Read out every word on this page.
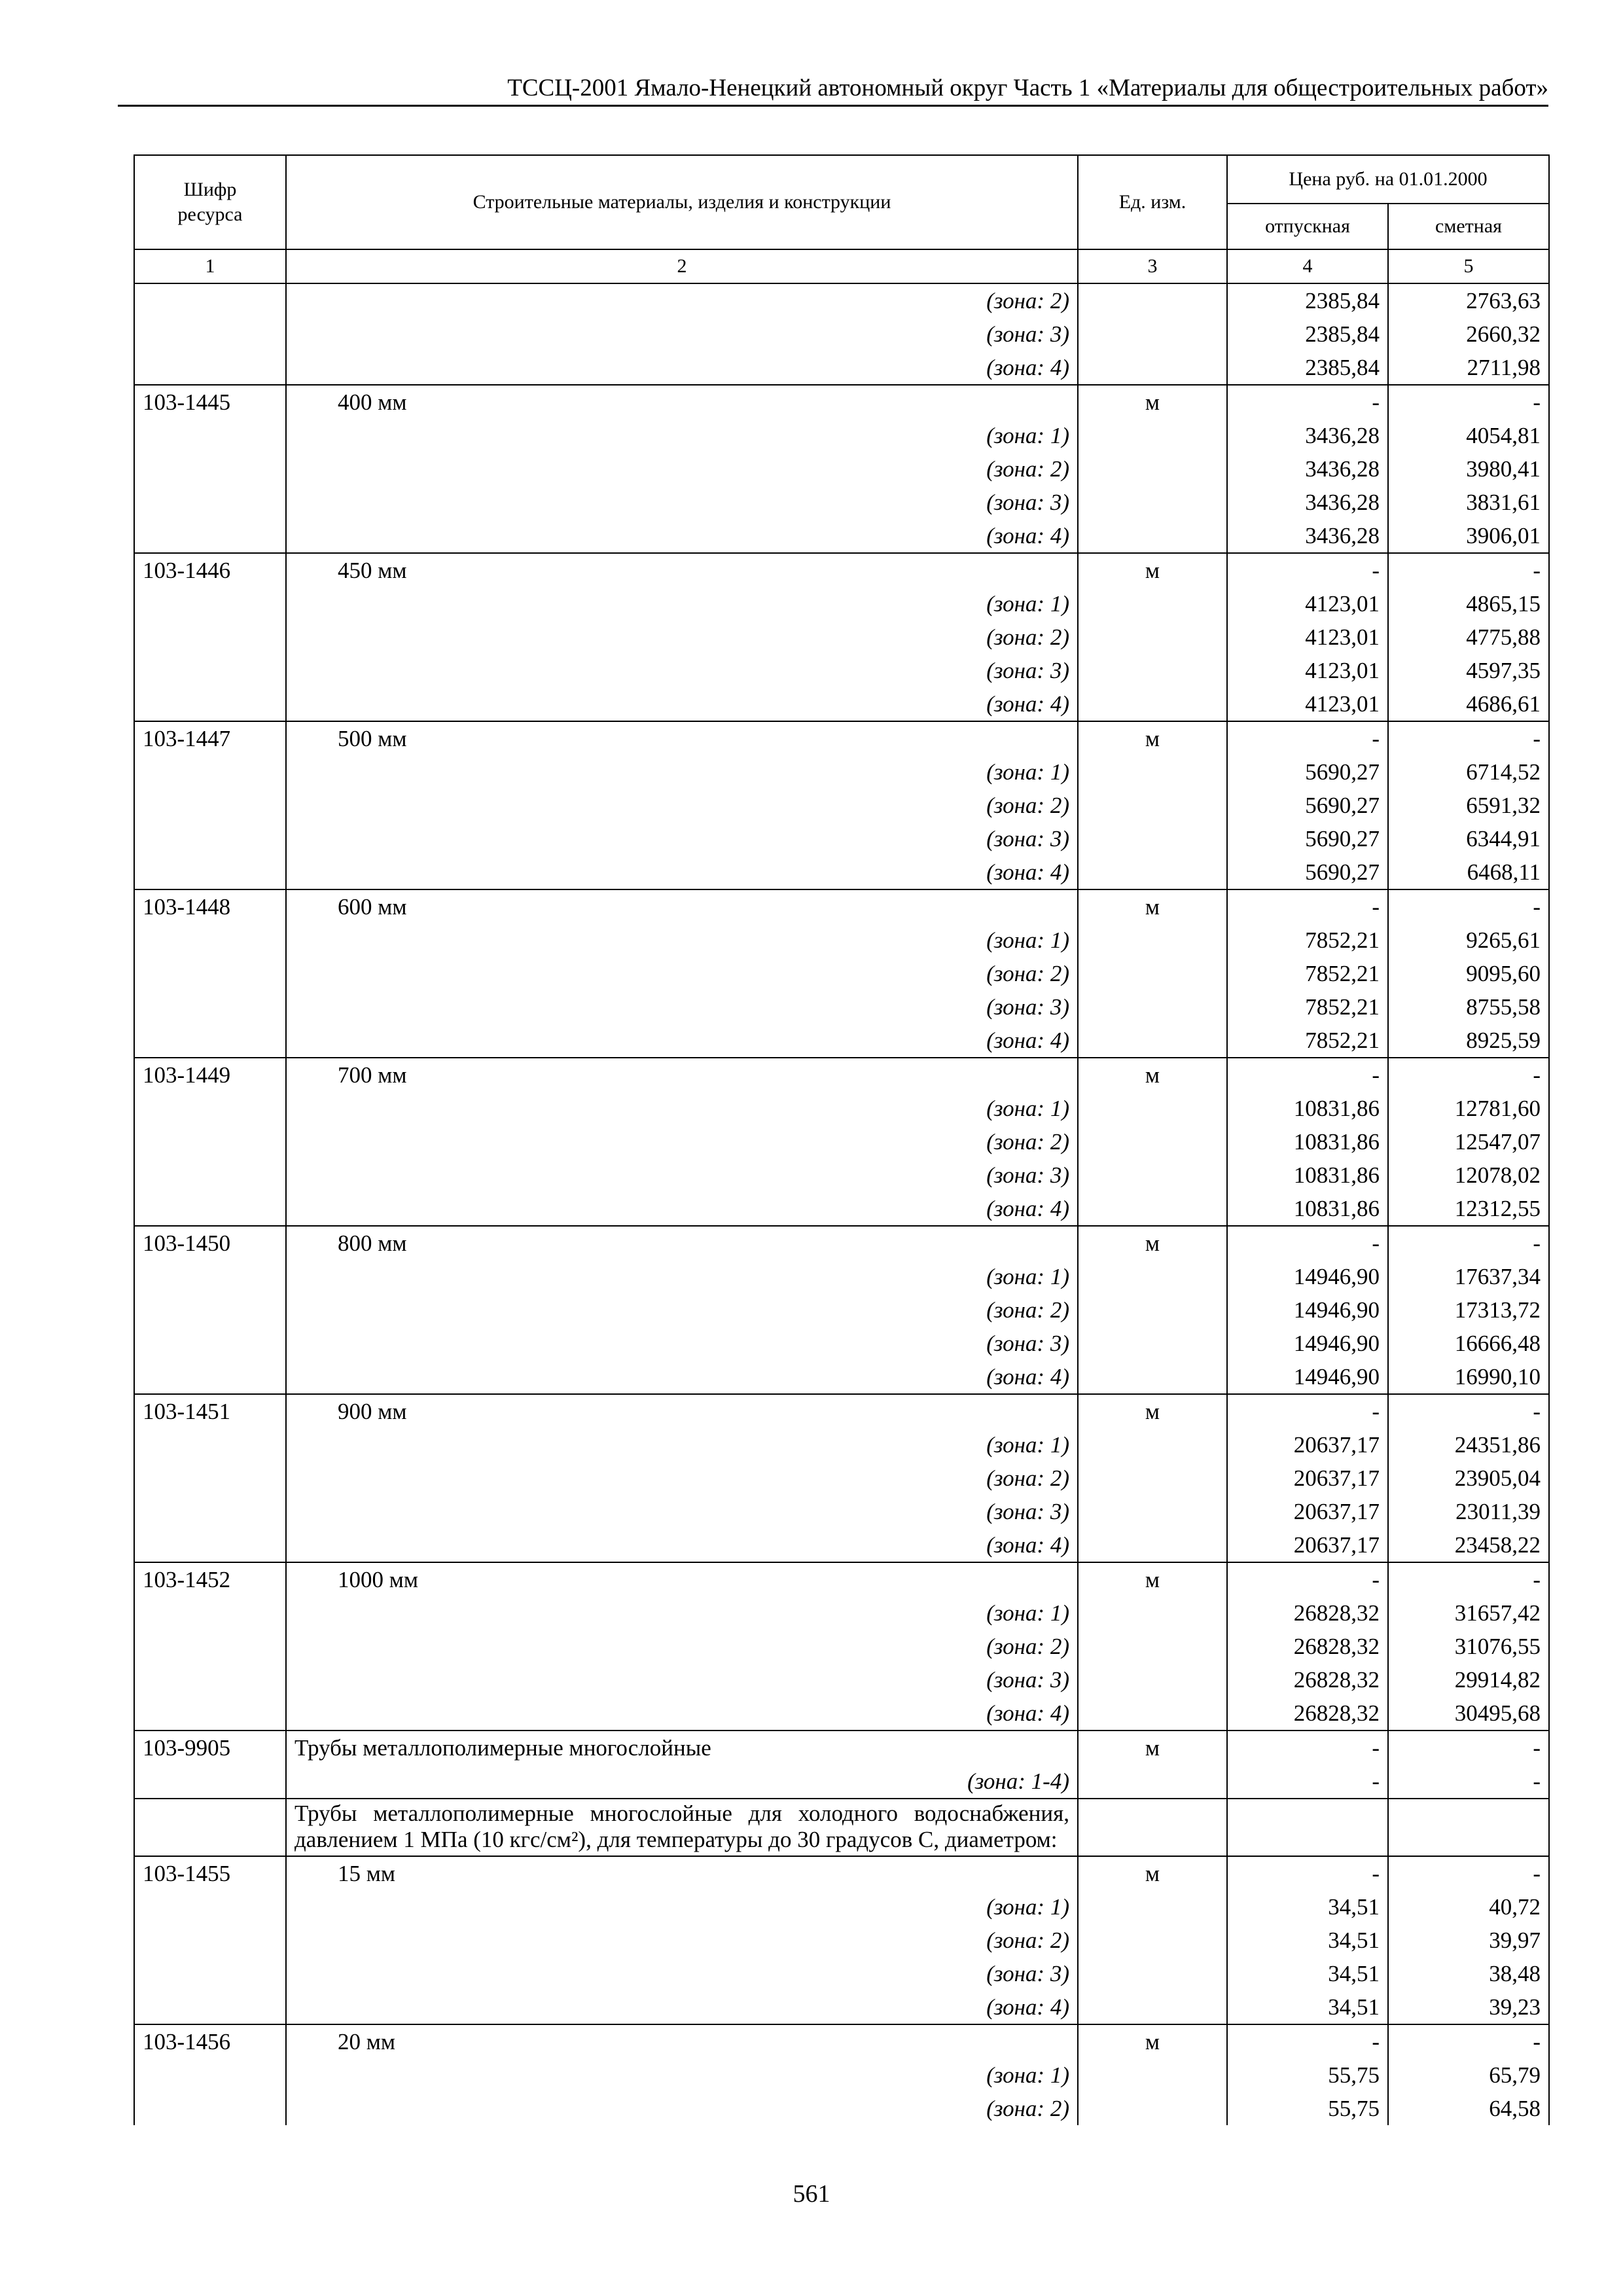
ТССЦ-2001 Ямало-Ненецкий автономный округ Часть 1 «Материалы для общестроительных работ»
Шифр ресурса	Строительные материалы, изделия и конструкции	Ед. изм.	Цена руб. на 01.01.2000	
			отпускная	сметная
1	2	3	4	5
	(зона: 2)		2385,84	2763,63
	(зона: 3)		2385,84	2660,32
	(зона: 4)		2385,84	2711,98
103-1445	400 мм	м	-	-
	(зона: 1)		3436,28	4054,81
	(зона: 2)		3436,28	3980,41
	(зона: 3)		3436,28	3831,61
	(зона: 4)		3436,28	3906,01
103-1446	450 мм	м	-	-
	(зона: 1)		4123,01	4865,15
	(зона: 2)		4123,01	4775,88
	(зона: 3)		4123,01	4597,35
	(зона: 4)		4123,01	4686,61
103-1447	500 мм	м	-	-
	(зона: 1)		5690,27	6714,52
	(зона: 2)		5690,27	6591,32
	(зона: 3)		5690,27	6344,91
	(зона: 4)		5690,27	6468,11
103-1448	600 мм	м	-	-
	(зона: 1)		7852,21	9265,61
	(зона: 2)		7852,21	9095,60
	(зона: 3)		7852,21	8755,58
	(зона: 4)		7852,21	8925,59
103-1449	700 мм	м	-	-
	(зона: 1)		10831,86	12781,60
	(зона: 2)		10831,86	12547,07
	(зона: 3)		10831,86	12078,02
	(зона: 4)		10831,86	12312,55
103-1450	800 мм	м	-	-
	(зона: 1)		14946,90	17637,34
	(зона: 2)		14946,90	17313,72
	(зона: 3)		14946,90	16666,48
	(зона: 4)		14946,90	16990,10
103-1451	900 мм	м	-	-
	(зона: 1)		20637,17	24351,86
	(зона: 2)		20637,17	23905,04
	(зона: 3)		20637,17	23011,39
	(зона: 4)		20637,17	23458,22
103-1452	1000 мм	м	-	-
	(зона: 1)		26828,32	31657,42
	(зона: 2)		26828,32	31076,55
	(зона: 3)		26828,32	29914,82
	(зона: 4)		26828,32	30495,68
103-9905	Трубы металлополимерные многослойные	м	-	-
	(зона: 1-4)		-	-
	Трубы металлополимерные многослойные для холодного водоснабжения, давлением 1 МПа (10 кгс/см²), для температуры до 30 градусов С, диаметром:			
103-1455	15 мм	м	-	-
	(зона: 1)		34,51	40,72
	(зона: 2)		34,51	39,97
	(зона: 3)		34,51	38,48
	(зона: 4)		34,51	39,23
103-1456	20 мм	м	-	-
	(зона: 1)		55,75	65,79
	(зона: 2)		55,75	64,58
561
